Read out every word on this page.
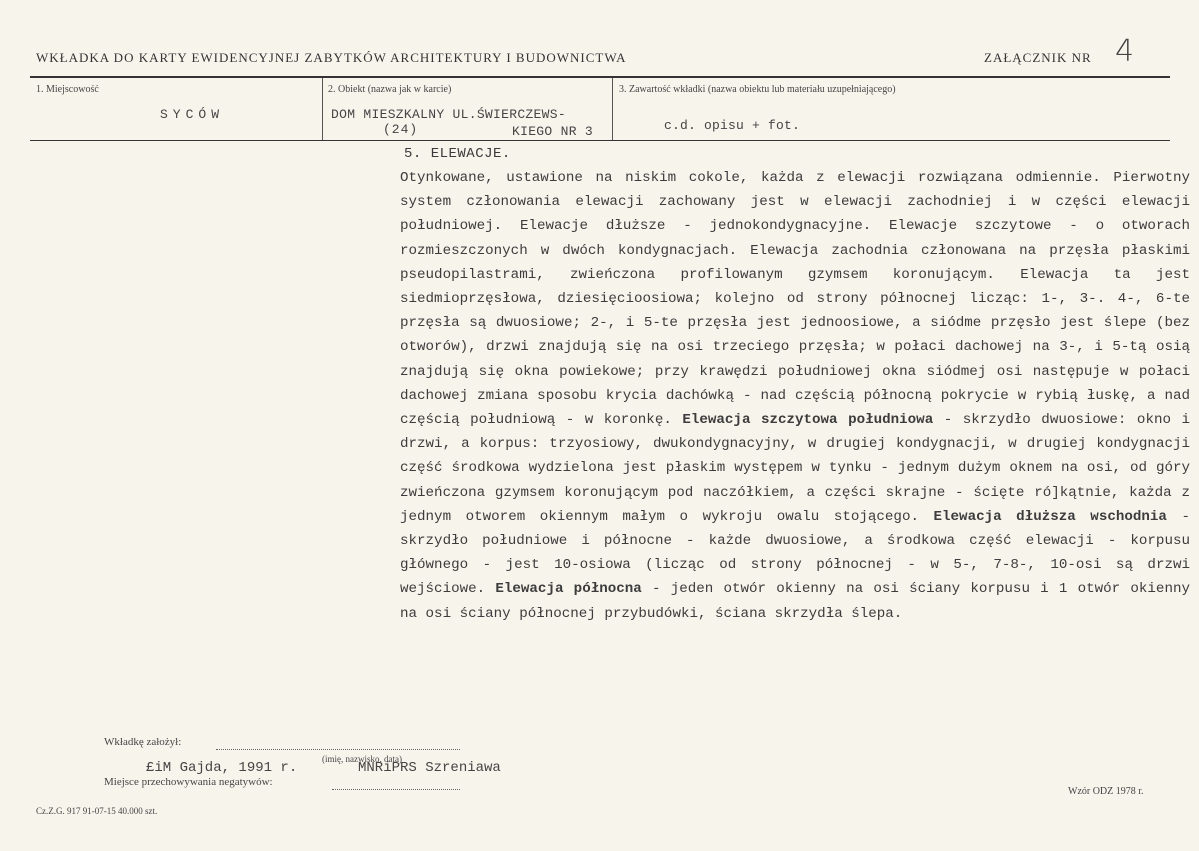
WKŁADKA DO KARTY EWIDENCYJNEJ ZABYTKÓW ARCHITEKTURY I BUDOWNICTWA	ZAŁĄCZNIK NR 4
1. Miejscowość
SYCÓW
2. Obiekt (nazwa jak w karcie)
DOM MIESZKALNY UL.ŚWIERCZEWS-
(24)	KIEGO NR 3
3. Zawartość wkładki (nazwa obiektu lub materiału uzupełniającego)
c.d. opisu + fot.
5. ELEWACJE.

Otynkowane, ustawione na niskim cokole, każda z elewacji rozwiązana odmiennie. Pierwotny system członowania elewacji zachowany jest w elewacji zachodniej i w części elewacji południowej. Elewacje dłuższe - jednokondygnacyjne. Elewacje szczytowe - o otworach rozmieszczonych w dwóch kondygnacjach. Elewacja zachodnia członowana na przęsła płaskimi pseudopilastrami, zwieńczona profilowanym gzymsem koronującym. Elewacja ta jest siedmioprzęsłowa, dziesięcioosiowa; kolejno od strony północnej licząc: 1-, 3-. 4-, 6-te przęsła są dwuosiowe; 2-, i 5-te przęsła jest jednoosiowe, a siódme przęsło jest ślepe (bez otworów), drzwi znajdują się na osi trzeciego przęsła; w połaci dachowej na 3-, i 5-tą osią znajdują się okna powiekowe; przy krawędzi południowej okna siódmej osi następuje w połaci dachowej zmiana sposobu krycia dachówką - nad częścią północną pokrycie w rybią łuskę, a nad częścią południową - w koronkę. Elewacja szczytowa południowa - skrzydło dwuosiowe: okno i drzwi, a korpus: trzyosiowy, dwukondygnacyjny, w drugiej kondygnacji, w drugiej kondygnacji część środkowa wydzielona jest płaskim występem w tynku - jednym dużym oknem na osi, od góry zwieńczona gzymsem koronującym pod naczółkiem, a części skrajne - ścięte ró]kątnie, każda z jednym otworem okiennym małym o wykroju owalu stojącego. Elewacja dłuższa wschodnia - skrzydło południowe i północne - każde dwuosiowe, a środkowa część elewacji - korpusu głównego - jest 10-osiowa (licząc od strony północnej - w 5-, 7-8-, 10-osi są drzwi wejściowe. Elewacja północna - jeden otwór okienny na osi ściany korpusu i 1 otwór okienny na osi ściany północnej przybudówki, ściana skrzydła ślepa.

Wkładkę założył:
(imię, nazwisko, data)
£iM Gajda, 1991 r.	MNRiPRS Szreniawa
Miejsce przechowywania negatywów:
Cz.Z.G. 917 91-07-15 40.000 szt.
Wzór ODZ 1978 r.
